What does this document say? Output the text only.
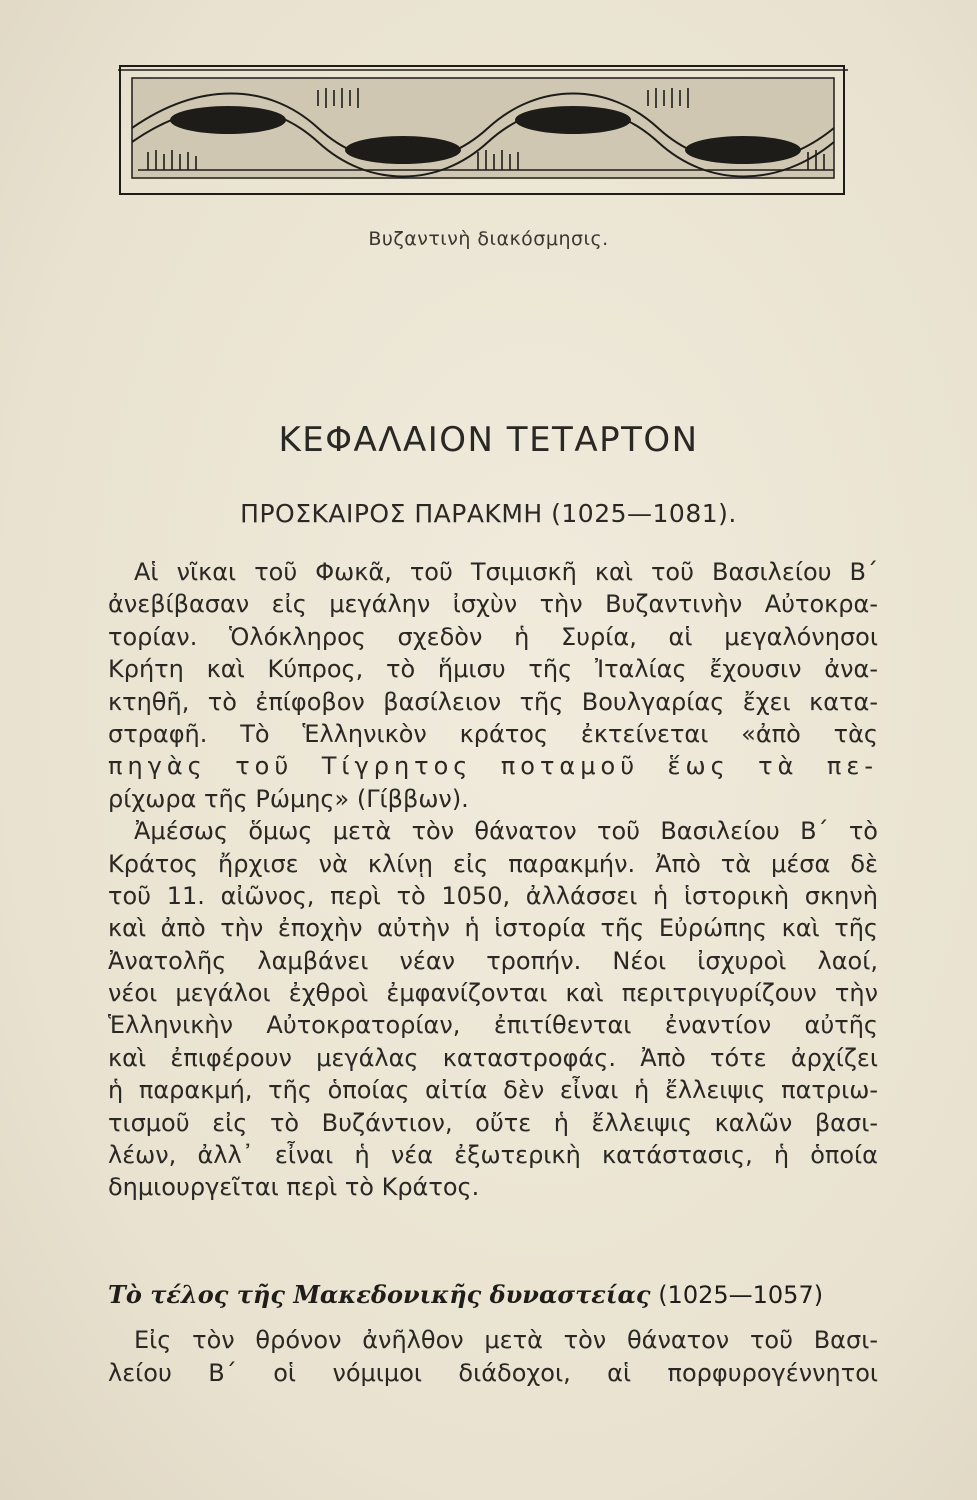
Βυζαντινὴ διακόσμησις.
ΚΕΦΑΛΑΙΟΝ ΤΕΤΑΡΤΟΝ
ΠΡΟΣΚΑΙΡΟΣ ΠΑΡΑΚΜΗ (1025—1081).
Αἱ νῖκαι τοῦ Φωκᾶ, τοῦ Τσιμισκῆ καὶ τοῦ Βασιλείου Β΄
ἀνεβίβασαν εἰς μεγάλην ἰσχὺν τὴν Βυζαντινὴν Αὐτοκρα-
τορίαν. Ὁλόκληρος σχεδὸν ἡ Συρία, αἱ μεγαλόνησοι
Κρήτη καὶ Κύπρος, τὸ ἥμισυ τῆς Ἰταλίας ἔχουσιν ἀνα-
κτηθῆ, τὸ ἐπίφοβον βασίλειον τῆς Βουλγαρίας ἔχει κατα-
στραφῆ. Τὸ Ἑλληνικὸν κράτος ἐκτείνεται «ἀπὸ τὰς
πηγὰς τοῦ Τίγρητος ποταμοῦ ἕως τὰ πε-
ρίχωρα τῆς Ρώμης» (Γίββων).
Ἀμέσως ὅμως μετὰ τὸν θάνατον τοῦ Βασιλείου Β΄ τὸ
Κράτος ἤρχισε νὰ κλίνῃ εἰς παρακμήν. Ἀπὸ τὰ μέσα δὲ
τοῦ 11. αἰῶνος, περὶ τὸ 1050, ἀλλάσσει ἡ ἱστορικὴ σκηνὴ
καὶ ἀπὸ τὴν ἐποχὴν αὐτὴν ἡ ἱστορία τῆς Εὐρώπης καὶ τῆς
Ἀνατολῆς λαμβάνει νέαν τροπήν. Νέοι ἰσχυροὶ λαοί,
νέοι μεγάλοι ἐχθροὶ ἐμφανίζονται καὶ περιτριγυρίζουν τὴν
Ἑλληνικὴν Αὐτοκρατορίαν, ἐπιτίθενται ἐναντίον αὐτῆς
καὶ ἐπιφέρουν μεγάλας καταστροφάς. Ἀπὸ τότε ἀρχίζει
ἡ παρακμή, τῆς ὁποίας αἰτία δὲν εἶναι ἡ ἔλλειψις πατριω-
τισμοῦ εἰς τὸ Βυζάντιον, οὔτε ἡ ἔλλειψις καλῶν βασι-
λέων, ἀλλ᾿ εἶναι ἡ νέα ἐξωτερικὴ κατάστασις, ἡ ὁποία
δημιουργεῖται περὶ τὸ Κράτος.
Τὸ τέλος τῆς Μακεδονικῆς δυναστείας (1025—1057)
Εἰς τὸν θρόνον ἀνῆλθον μετὰ τὸν θάνατον τοῦ Βασι-
λείου Β΄ οἱ νόμιμοι διάδοχοι, αἱ πορφυρογέννητοι
